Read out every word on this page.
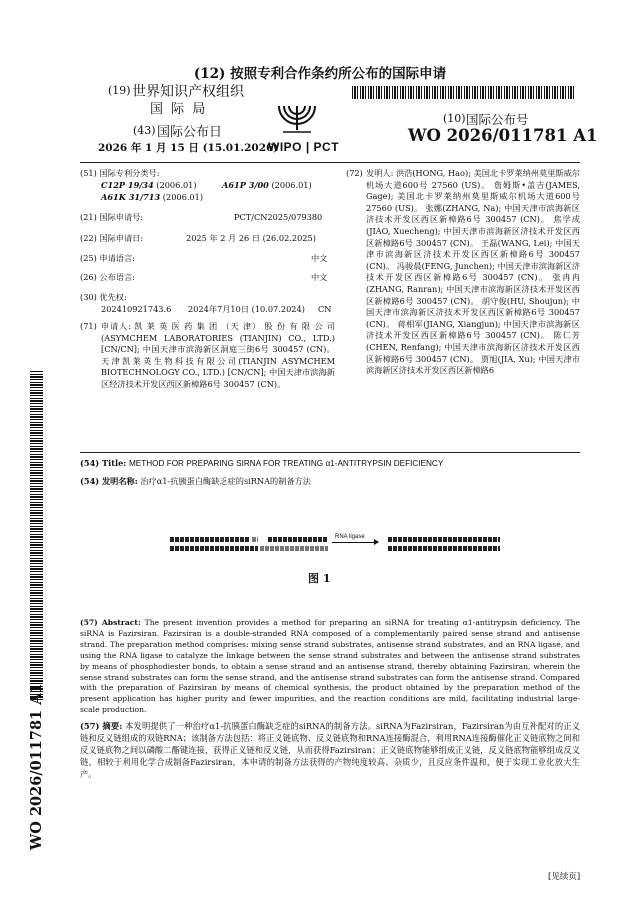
(12) 按照专利合作条约所公布的国际申请
(19) 世界知识产权组织
国 际 局
(43) 国际公布日
2026 年 1 月 15 日 (15.01.2026)
WIPO | PCT
(10) 国际公布号
WO 2026/011781 A1
(51) 国际专利分类号:
C12P 19/34 (2006.01)	A61P 3/00 (2006.01)
A61K 31/713 (2006.01)
(21) 国际申请号:	PCT/CN2025/079380
(22) 国际申请日:	2025 年 2 月 26 日 (26.02.2025)
(25) 申请语言:	中文
(26) 公布语言:	中文
(30) 优先权:
202410921743.6 2024年7月10日 (10.07.2024) CN
(71) 申请人: 凯 莱 英 医 药 集 团 （天 津） 股 份 有 限 公 司 (ASYMCHEM LABORATORIES (TIANJIN) CO., LTD.) [CN/CN]; 中国天津市滨海新区洞庭三街6号 300457 (CN)。 天津凯莱英生物科技有限公司(TIANJIN ASYMCHEM BIOTECHNOLOGY CO., LTD.) [CN/CN]; 中国天津市滨海新区经济技术开发区西区新樟路6号 300457 (CN)。
(72) 发明人: 洪浩(HONG, Hao); 美国北卡罗莱纳州莫里斯威尔机场大道600号 27560 (US)。 詹姆斯•盖吉(JAMES, Gage); 美国北卡罗莱纳州莫里斯威尔机场大道600号 27560 (US)。 张娜(ZHANG, Na); 中国天津市滨海新区济技术开发区西区新樟路6号 300457 (CN)。 焦学成(JIAO, Xuecheng); 中国天津市滨海新区济技术开发区西区新樟路6号 300457 (CN)。 王磊(WANG, Lei); 中国天津市滨海新区济技术开发区西区新樟路6号 300457 (CN)。 冯骏晨(FENG, Junchen); 中国天津市滨海新区济技术开发区西区新樟路6号 300457 (CN)。 张冉冉(ZHANG, Ranran); 中国天津市滨海新区济技术开发区西区新樟路6号 300457 (CN)。 胡守俊(HU, Shoujun); 中国天津市滨海新区济技术开发区西区新樟路6号 300457 (CN)。 蒋相军(JIANG, Xiangjun); 中国天津市滨海新区济技术开发区西区新樟路6号 300457 (CN)。 陈仁芳(CHEN, Renfang); 中国天津市滨海新区济技术开发区西区新樟路6号 300457 (CN)。 贾旭(JIA, Xu); 中国天津市滨海新区济技术开发区西区新樟路6
(54) Title: METHOD FOR PREPARING SIRNA FOR TREATING α1-ANTITRYPSIN DEFICIENCY
(54) 发明名称: 治疗α1-抗胰蛋白酶缺乏症的siRNA的制备方法
RNA ligase
图 1
(57) Abstract: The present invention provides a method for preparing an siRNA for treating α1-antitrypsin deficiency. The siRNA is Fazirsiran. Fazirsiran is a double-stranded RNA composed of a complementarily paired sense strand and antisense strand. The preparation method comprises: mixing sense strand substrates, antisense strand substrates, and an RNA ligase, and using the RNA ligase to catalyze the linkage between the sense strand substrates and between the antisense strand substrates by means of phosphodiester bonds, to obtain a sense strand and an antisense strand, thereby obtaining Fazirsiran, wherein the sense strand substrates can form the sense strand, and the antisense strand substrates can form the antisense strand. Compared with the preparation of Fazirsiran by means of chemical synthesis, the product obtained by the preparation method of the present application has higher purity and fewer impurities, and the reaction conditions are mild, facilitating industrial large-scale production.
(57) 摘要: 本发明提供了一种治疗α1-抗胰蛋白酶缺乏症的siRNA的制备方法。siRNA为Fazirsiran，Fazirsiran为由互补配对的正义链和反义链组成的双链RNA；该制备方法包括：将正义链底物、反义链底物和RNA连接酶混合，利用RNA连接酶催化正义链底物之间和反义链底物之间以磷酸二酯键连接，获得正义链和反义链，从而获得Fazirsiran；正义链底物能够组成正义链，反义链底物能够组成反义链。相较于利用化学合成制备Fazirsiran，本申请的制备方法获得的产物纯度较高、杂质少，且反应条件温和，便于实现工业化放大生产。
WO 2026/011781 A1
[见续页]
